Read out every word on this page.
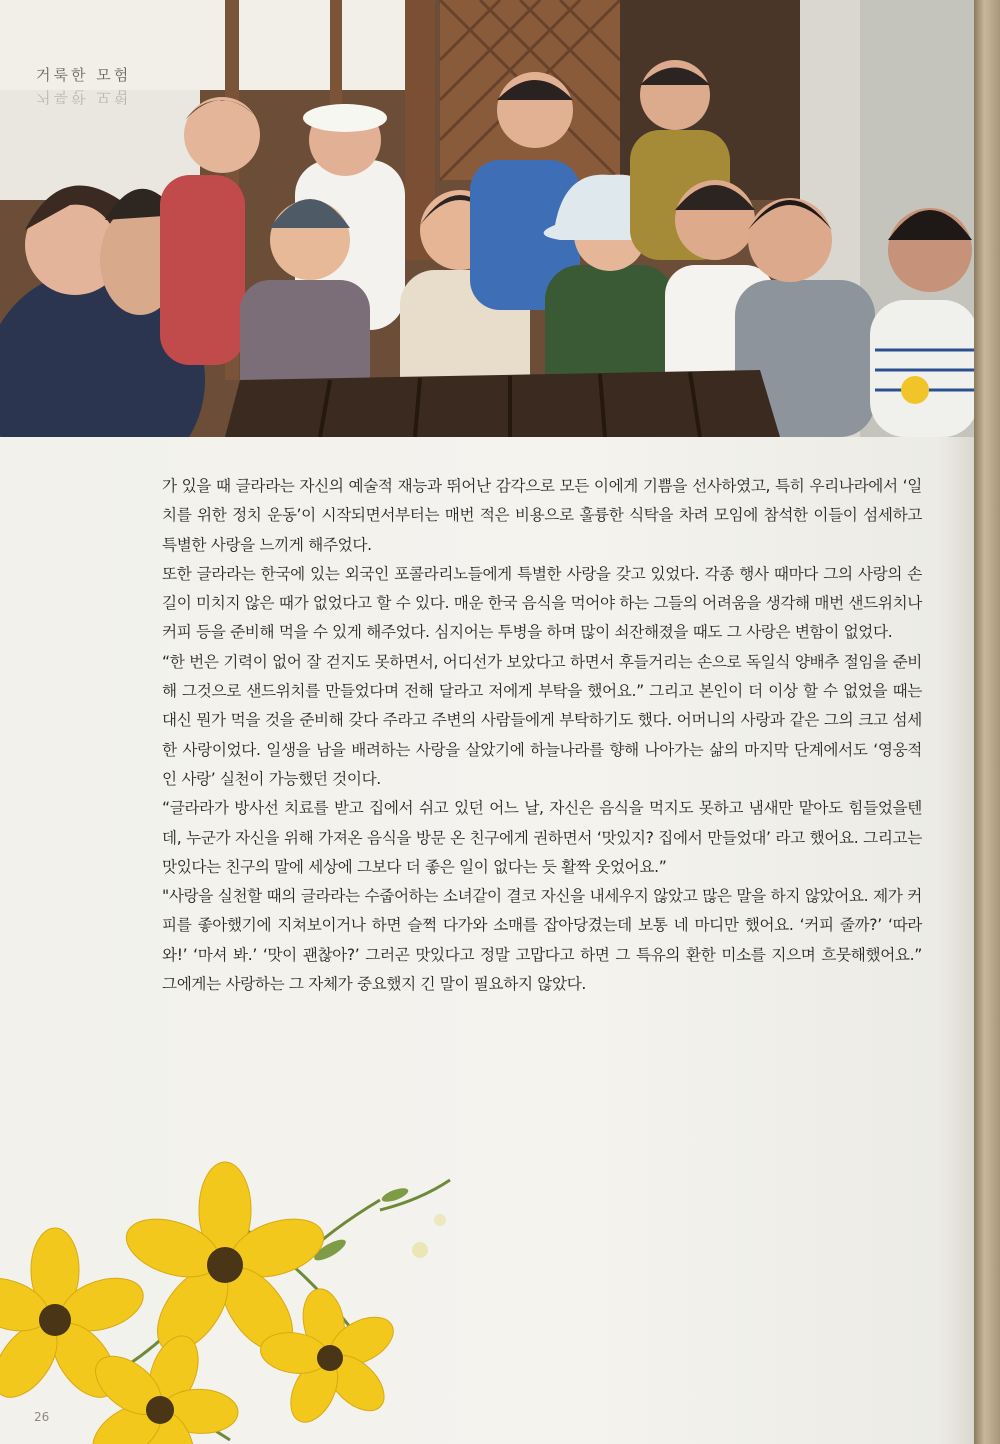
거룩한 모험
거룩한 모험

가 있을 때 글라라는 자신의 예술적 재능과 뛰어난 감각으로 모든 이에게 기쁨을 선사하였고, 특히 우리나라에서 ‘일치를 위한 정치 운동’이 시작되면서부터는 매번 적은 비용으로 훌륭한 식탁을 차려 모임에 참석한 이들이 섬세하고 특별한 사랑을 느끼게 해주었다.

또한 글라라는 한국에 있는 외국인 포콜라리노들에게 특별한 사랑을 갖고 있었다. 각종 행사 때마다 그의 사랑의 손길이 미치지 않은 때가 없었다고 할 수 있다. 매운 한국 음식을 먹어야 하는 그들의 어려움을 생각해 매번 샌드위치나 커피 등을 준비해 먹을 수 있게 해주었다. 심지어는 투병을 하며 많이 쇠잔해졌을 때도 그 사랑은 변함이 없었다.

“한 번은 기력이 없어 잘 걷지도 못하면서, 어디선가 보았다고 하면서 후들거리는 손으로 독일식 양배추 절임을 준비해 그것으로 샌드위치를 만들었다며 전해 달라고 저에게 부탁을 했어요.” 그리고 본인이 더 이상 할 수 없었을 때는 대신 뭔가 먹을 것을 준비해 갖다 주라고 주변의 사람들에게 부탁하기도 했다. 어머니의 사랑과 같은 그의 크고 섬세한 사랑이었다. 일생을 남을 배려하는 사랑을 살았기에 하늘나라를 향해 나아가는 삶의 마지막 단계에서도 ‘영웅적인 사랑’ 실천이 가능했던 것이다.

“글라라가 방사선 치료를 받고 집에서 쉬고 있던 어느 날, 자신은 음식을 먹지도 못하고 냄새만 맡아도 힘들었을텐데, 누군가 자신을 위해 가져온 음식을 방문 온 친구에게 권하면서 ‘맛있지? 집에서 만들었대’ 라고 했어요. 그리고는 맛있다는 친구의 말에 세상에 그보다 더 좋은 일이 없다는 듯 활짝 웃었어요.”

"사랑을 실천할 때의 글라라는 수줍어하는 소녀같이 결코 자신을 내세우지 않았고 많은 말을 하지 않았어요. 제가 커피를 좋아했기에 지쳐보이거나 하면 슬쩍 다가와 소매를 잡아당겼는데 보통 네 마디만 했어요. ‘커피 줄까?’ ‘따라 와!’ ‘마셔 봐.’ ‘맛이 괜찮아?’ 그러곤 맛있다고 정말 고맙다고 하면 그 특유의 환한 미소를 지으며 흐뭇해했어요.” 그에게는 사랑하는 그 자체가 중요했지 긴 말이 필요하지 않았다.

26
